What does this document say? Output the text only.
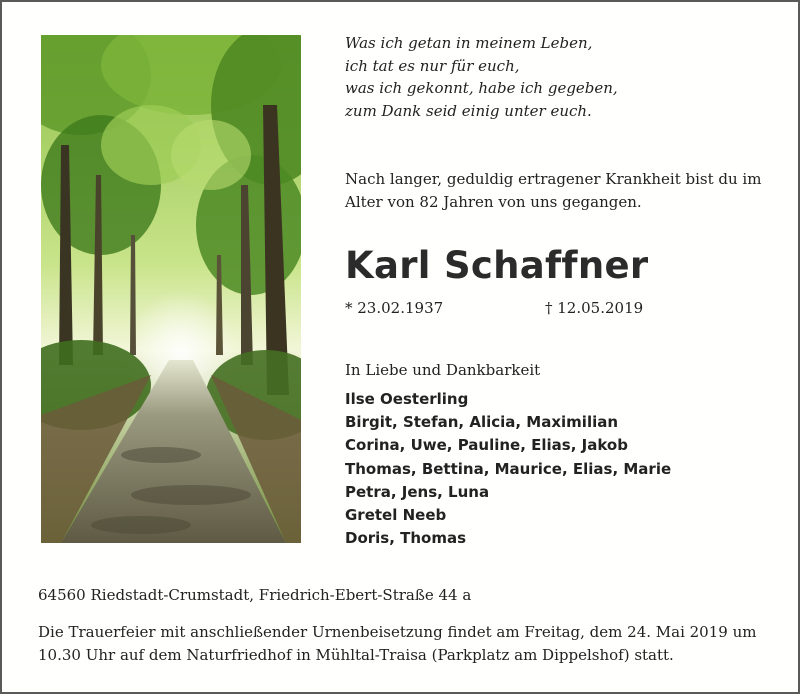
Was ich getan in meinem Leben,
ich tat es nur für euch,
was ich gekonnt, habe ich gegeben,
zum Dank seid einig unter euch.
Nach langer, geduldig ertragener Krankheit bist du im
Alter von 82 Jahren von uns gegangen.
Karl Schaffner
* 23.02.1937	† 12.05.2019
In Liebe und Dankbarkeit
Ilse Oesterling
Birgit, Stefan, Alicia, Maximilian
Corina, Uwe, Pauline, Elias, Jakob
Thomas, Bettina, Maurice, Elias, Marie
Petra, Jens, Luna
Gretel Neeb
Doris, Thomas
64560 Riedstadt-Crumstadt, Friedrich-Ebert-Straße 44 a
Die Trauerfeier mit anschließender Urnenbeisetzung findet am Freitag, dem 24. Mai 2019 um
10.30 Uhr auf dem Naturfriedhof in Mühltal-Traisa (Parkplatz am Dippelshof) statt.
